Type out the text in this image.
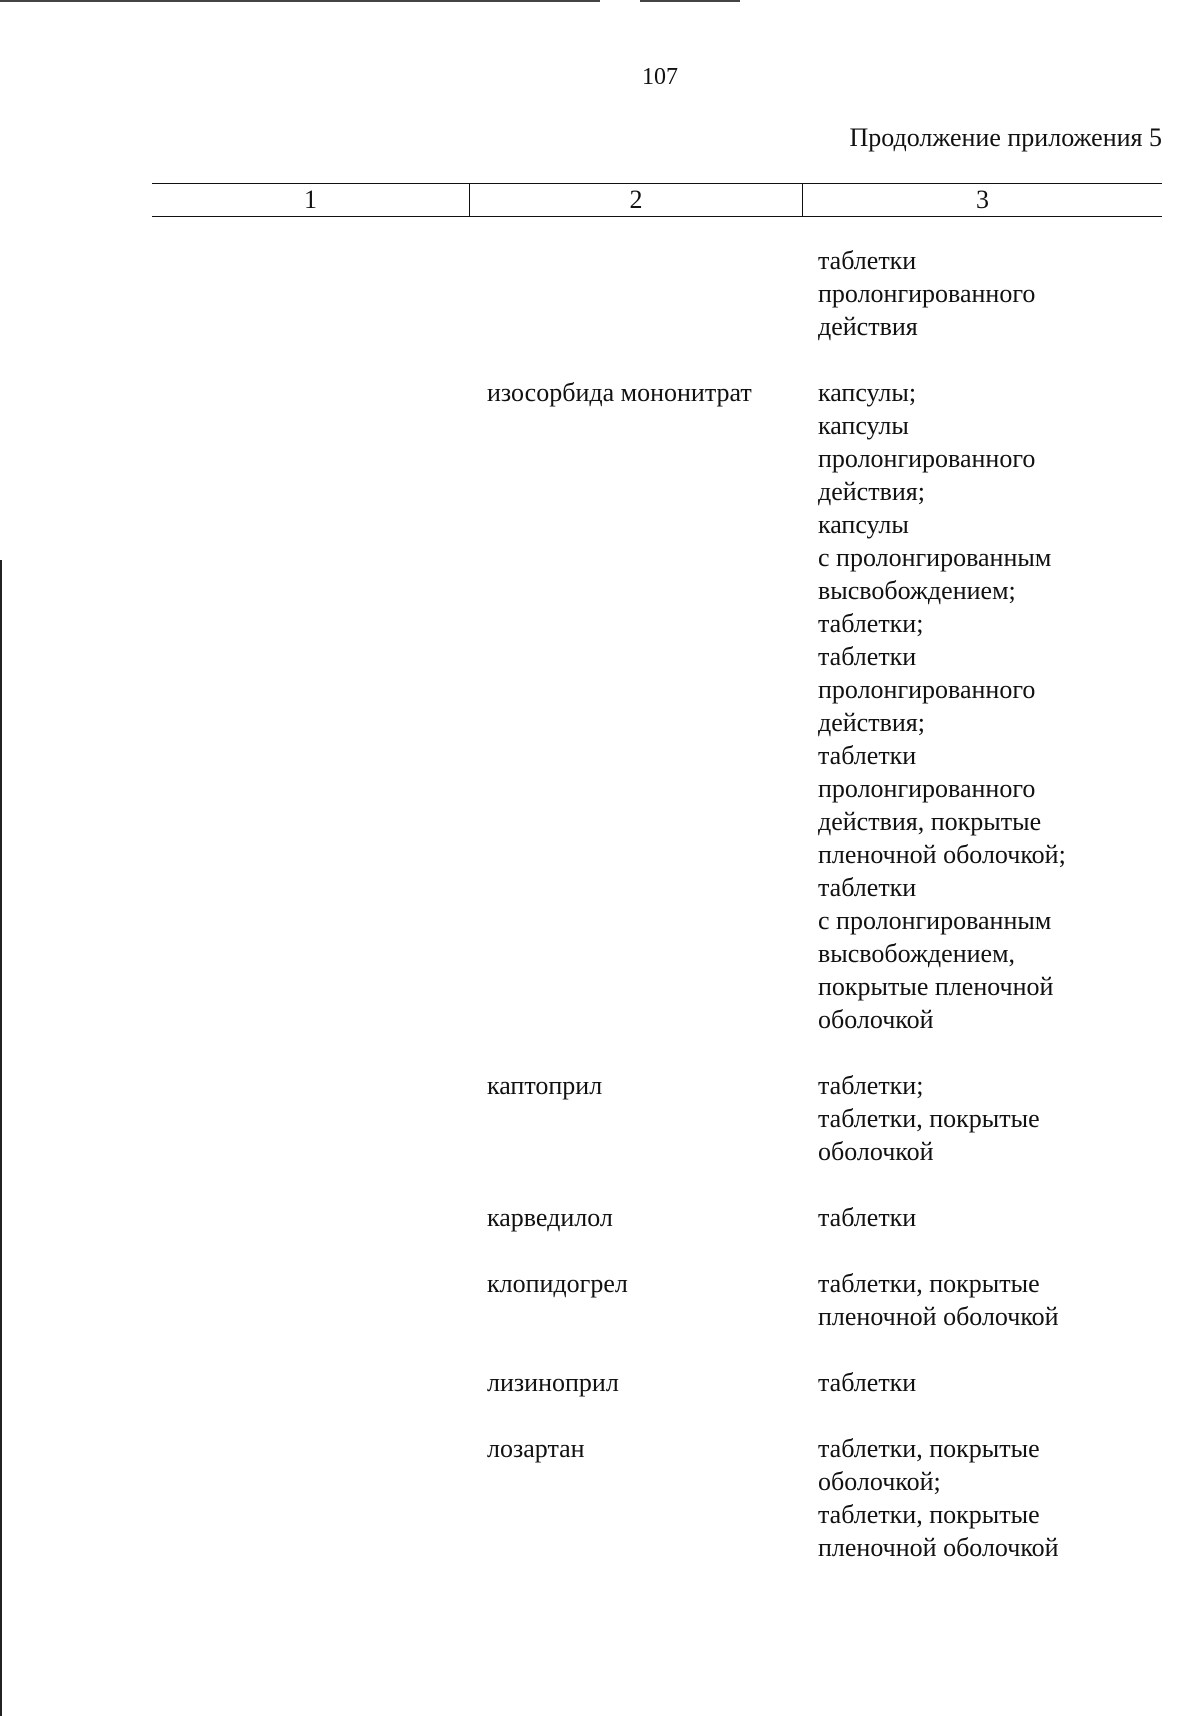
107
Продолжение приложения 5
1	2	3
таблетки
пролонгированного
действия
изосорбида мононитрат	капсулы;
капсулы
пролонгированного
действия;
капсулы
с пролонгированным
высвобождением;
таблетки;
таблетки
пролонгированного
действия;
таблетки
пролонгированного
действия, покрытые
пленочной оболочкой;
таблетки
с пролонгированным
высвобождением,
покрытые пленочной
оболочкой
каптоприл	таблетки;
таблетки, покрытые
оболочкой
карведилол	таблетки
клопидогрел	таблетки, покрытые
пленочной оболочкой
лизиноприл	таблетки
лозартан	таблетки, покрытые
оболочкой;
таблетки, покрытые
пленочной оболочкой
